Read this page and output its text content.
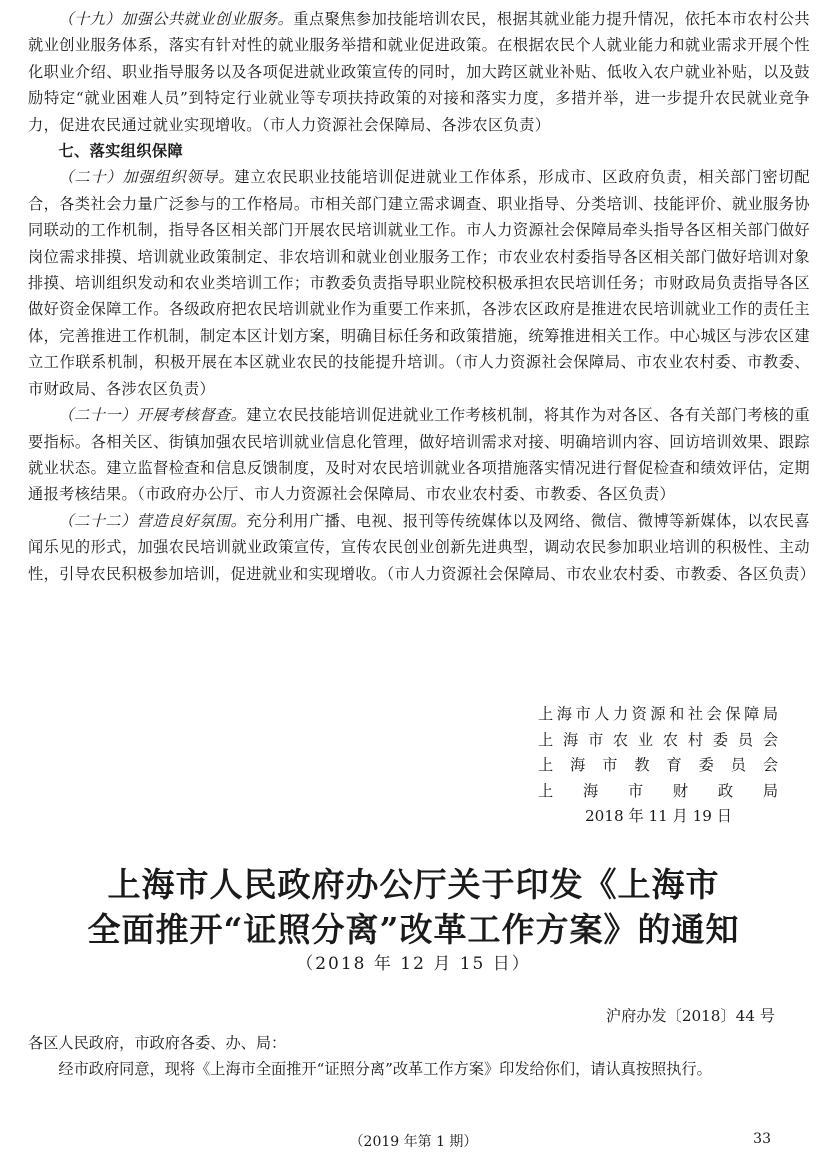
（十九）加强公共就业创业服务。重点聚焦参加技能培训农民，根据其就业能力提升情况，依托本市农村公共就业创业服务体系，落实有针对性的就业服务举措和就业促进政策。在根据农民个人就业能力和就业需求开展个性化职业介绍、职业指导服务以及各项促进就业政策宣传的同时，加大跨区就业补贴、低收入农户就业补贴，以及鼓励特定“就业困难人员”到特定行业就业等专项扶持政策的对接和落实力度，多措并举，进一步提升农民就业竞争力，促进农民通过就业实现增收。（市人力资源社会保障局、各涉农区负责）

七、落实组织保障

（二十）加强组织领导。建立农民职业技能培训促进就业工作体系，形成市、区政府负责，相关部门密切配合，各类社会力量广泛参与的工作格局。市相关部门建立需求调查、职业指导、分类培训、技能评价、就业服务协同联动的工作机制，指导各区相关部门开展农民培训就业工作。市人力资源社会保障局牵头指导各区相关部门做好岗位需求排摸、培训就业政策制定、非农培训和就业创业服务工作；市农业农村委指导各区相关部门做好培训对象排摸、培训组织发动和农业类培训工作；市教委负责指导职业院校积极承担农民培训任务；市财政局负责指导各区做好资金保障工作。各级政府把农民培训就业作为重要工作来抓，各涉农区政府是推进农民培训就业工作的责任主体，完善推进工作机制，制定本区计划方案，明确目标任务和政策措施，统筹推进相关工作。中心城区与涉农区建立工作联系机制，积极开展在本区就业农民的技能提升培训。（市人力资源社会保障局、市农业农村委、市教委、市财政局、各涉农区负责）

（二十一）开展考核督查。建立农民技能培训促进就业工作考核机制，将其作为对各区、各有关部门考核的重要指标。各相关区、街镇加强农民培训就业信息化管理，做好培训需求对接、明确培训内容、回访培训效果、跟踪就业状态。建立监督检查和信息反馈制度，及时对农民培训就业各项措施落实情况进行督促检查和绩效评估，定期通报考核结果。（市政府办公厅、市人力资源社会保障局、市农业农村委、市教委、各区负责）

（二十二）营造良好氛围。充分利用广播、电视、报刊等传统媒体以及网络、微信、微博等新媒体，以农民喜闻乐见的形式，加强农民培训就业政策宣传，宣传农民创业创新先进典型，调动农民参加职业培训的积极性、主动性，引导农民积极参加培训，促进就业和实现增收。（市人力资源社会保障局、市农业农村委、市教委、各区负责）

上海市人力资源和社会保障局
上海市农业农村委员会
上海市教育委员会
上海市财政局
2018 年 11 月 19 日
上海市人民政府办公厅关于印发《上海市
全面推开“证照分离”改革工作方案》的通知
（2018 年 12 月 15 日）
沪府办发〔2018〕44 号

各区人民政府，市政府各委、办、局：

经市政府同意，现将《上海市全面推开“证照分离”改革工作方案》印发给你们，请认真按照执行。

（2019 年第 1 期）	33
